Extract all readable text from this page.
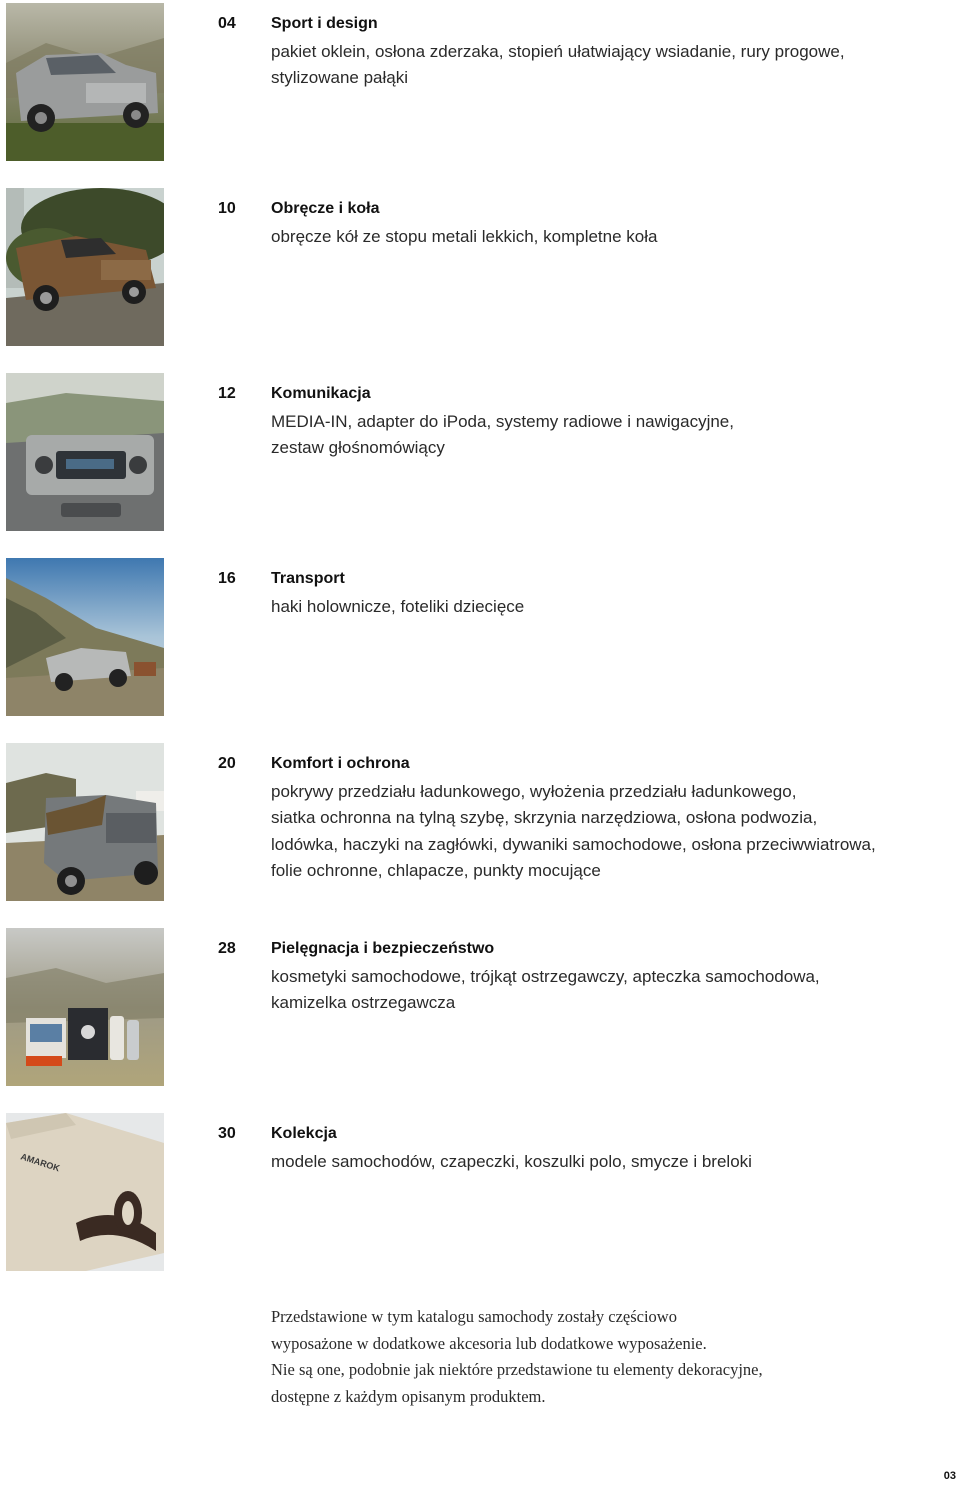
04 Sport i design
pakiet oklein, osłona zderzaka, stopień ułatwiający wsiadanie, rury progowe,
stylizowane pałąki
10 Obręcze i koła
obręcze kół ze stopu metali lekkich, kompletne koła
12 Komunikacja
MEDIA-IN, adapter do iPoda, systemy radiowe i nawigacyjne,
zestaw głośnomówiący
16 Transport
haki holownicze, foteliki dziecięce
20 Komfort i ochrona
pokrywy przedziału ładunkowego, wyłożenia przedziału ładunkowego,
siatka ochronna na tylną szybę, skrzynia narzędziowa, osłona podwozia,
lodówka, haczyki na zagłówki, dywaniki samochodowe, osłona przeciwwiatrowa,
folie ochronne, chlapacze, punkty mocujące
28 Pielęgnacja i bezpieczeństwo
kosmetyki samochodowe, trójkąt ostrzegawczy, apteczka samochodowa,
kamizelka ostrzegawcza
AMAROK
30 Kolekcja
modele samochodów, czapeczki, koszulki polo, smycze i breloki
Przedstawione w tym katalogu samochody zostały częściowo
wyposażone w dodatkowe akcesoria lub dodatkowe wyposażenie.
Nie są one, podobnie jak niektóre przedstawione tu elementy dekoracyjne,
dostępne z każdym opisanym produktem.
03
